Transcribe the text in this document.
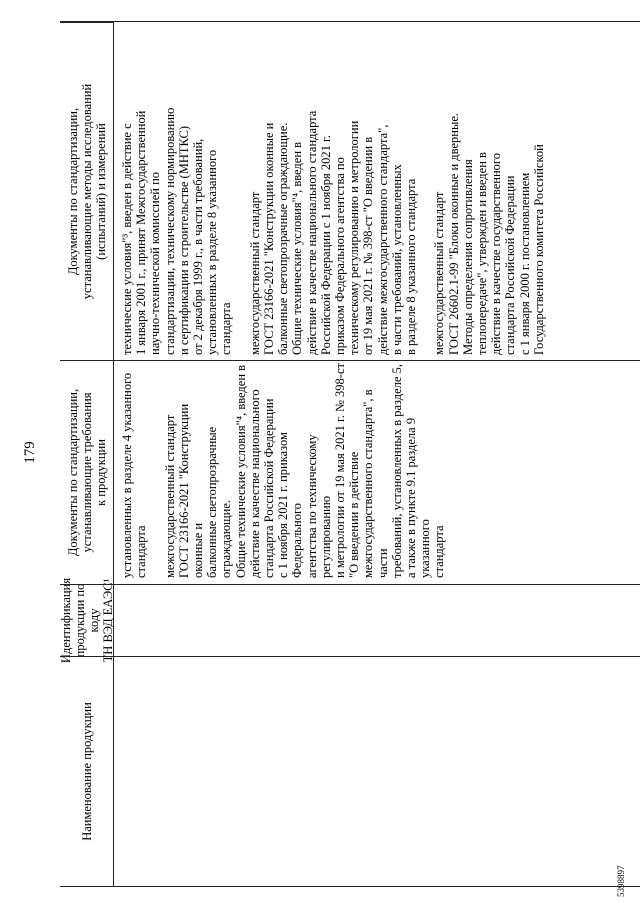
179
Наименование продукции
Идентификация
продукции по коду
ТН ВЭД ЕАЭС¹
Документы по стандартизации,
устанавливающие требования
к продукции
Документы по стандартизации,
устанавливающие методы исследований
(испытаний) и измерений
установленных в разделе 4 указанного
стандарта

межгосударственный стандарт
ГОСТ 23166-2021 "Конструкции оконные и
балконные светопрозрачные ограждающие.
Общие технические условия"⁴, введен в
действие в качестве национального
стандарта Российской Федерации
с 1 ноября 2021 г. приказом Федерального
агентства по техническому регулированию
и метрологии от 19 мая 2021 г. № 398-ст
"О введении в действие
межгосударственного стандарта", в части
требований, установленных в разделе 5,
а также в пункте 9.1 раздела 9 указанного
стандарта
технические условия"³, введен в действие с
1 января 2001 г., принят Межгосударственной
научно-технической комиссией по
стандартизации, техническому нормированию
и сертификации в строительстве (МНТКС)
от 2 декабря 1999 г., в части требований,
установленных в разделе 8 указанного
стандарта

межгосударственный стандарт
ГОСТ 23166-2021 "Конструкции оконные и
балконные светопрозрачные ограждающие.
Общие технические условия"⁴, введен в
действие в качестве национального стандарта
Российской Федерации с 1 ноября 2021 г.
приказом Федерального агентства по
техническому регулированию и метрологии
от 19 мая 2021 г. № 398-ст "О введении в
действие межгосударственного стандарта",
в части требований, установленных
в разделе 8 указанного стандарта

межгосударственный стандарт
ГОСТ 26602.1-99 "Блоки оконные и дверные.
Методы определения сопротивления
теплопередаче", утвержден и введен в
действие в качестве государственного
стандарта Российской Федерации
с 1 января 2000 г. постановлением
Государственного комитета Российской
5398897
